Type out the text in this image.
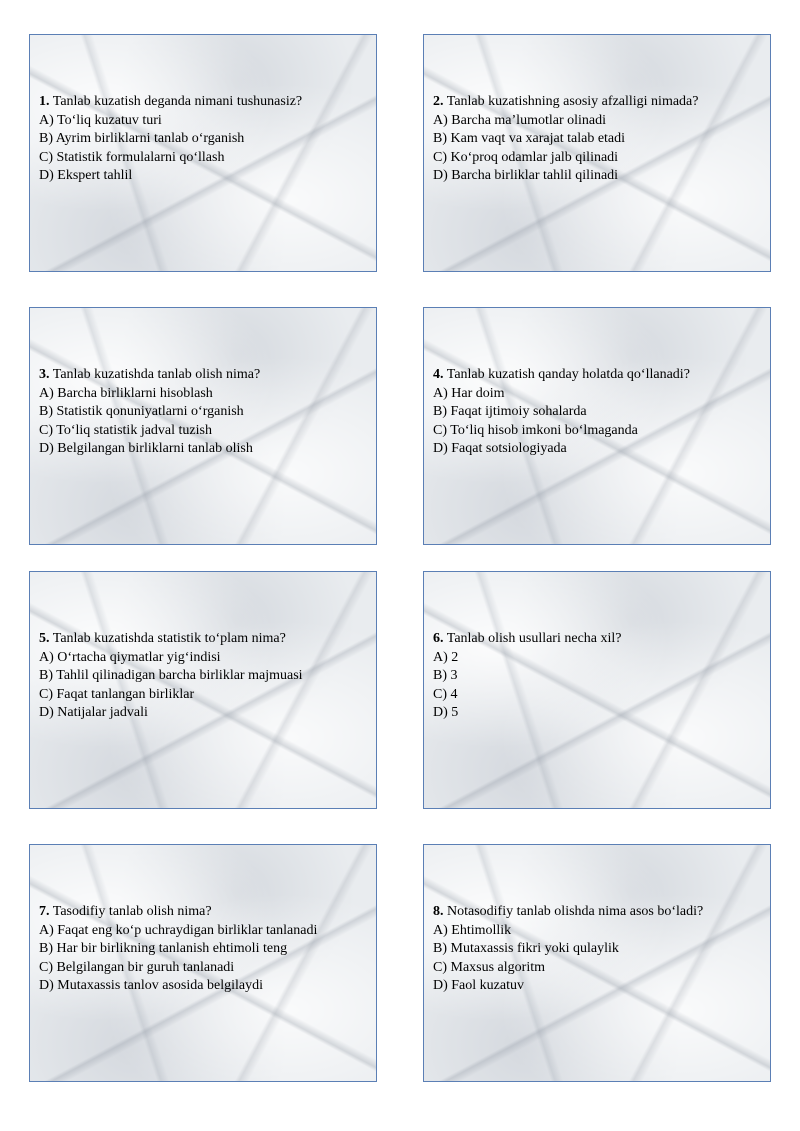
1. Tanlab kuzatish deganda nimani tushunasiz?
A) To‘liq kuzatuv turi
B) Ayrim birliklarni tanlab o‘rganish
C) Statistik formulalarni qo‘llash
D) Ekspert tahlil
2. Tanlab kuzatishning asosiy afzalligi nimada?
A) Barcha ma’lumotlar olinadi
B) Kam vaqt va xarajat talab etadi
C) Ko‘proq odamlar jalb qilinadi
D) Barcha birliklar tahlil qilinadi
3. Tanlab kuzatishda tanlab olish nima?
A) Barcha birliklarni hisoblash
B) Statistik qonuniyatlarni o‘rganish
C) To‘liq statistik jadval tuzish
D) Belgilangan birliklarni tanlab olish
4. Tanlab kuzatish qanday holatda qo‘llanadi?
A) Har doim
B) Faqat ijtimoiy sohalarda
C) To‘liq hisob imkoni bo‘lmaganda
D) Faqat sotsiologiyada
5. Tanlab kuzatishda statistik to‘plam nima?
A) O‘rtacha qiymatlar yig‘indisi
B) Tahlil qilinadigan barcha birliklar majmuasi
C) Faqat tanlangan birliklar
D) Natijalar jadvali
6. Tanlab olish usullari necha xil?
A) 2
B) 3
C) 4
D) 5
7. Tasodifiy tanlab olish nima?
A) Faqat eng ko‘p uchraydigan birliklar tanlanadi
B) Har bir birlikning tanlanish ehtimoli teng
C) Belgilangan bir guruh tanlanadi
D) Mutaxassis tanlov asosida belgilaydi
8. Notasodifiy tanlab olishda nima asos bo‘ladi?
A) Ehtimollik
B) Mutaxassis fikri yoki qulaylik
C) Maxsus algoritm
D) Faol kuzatuv
